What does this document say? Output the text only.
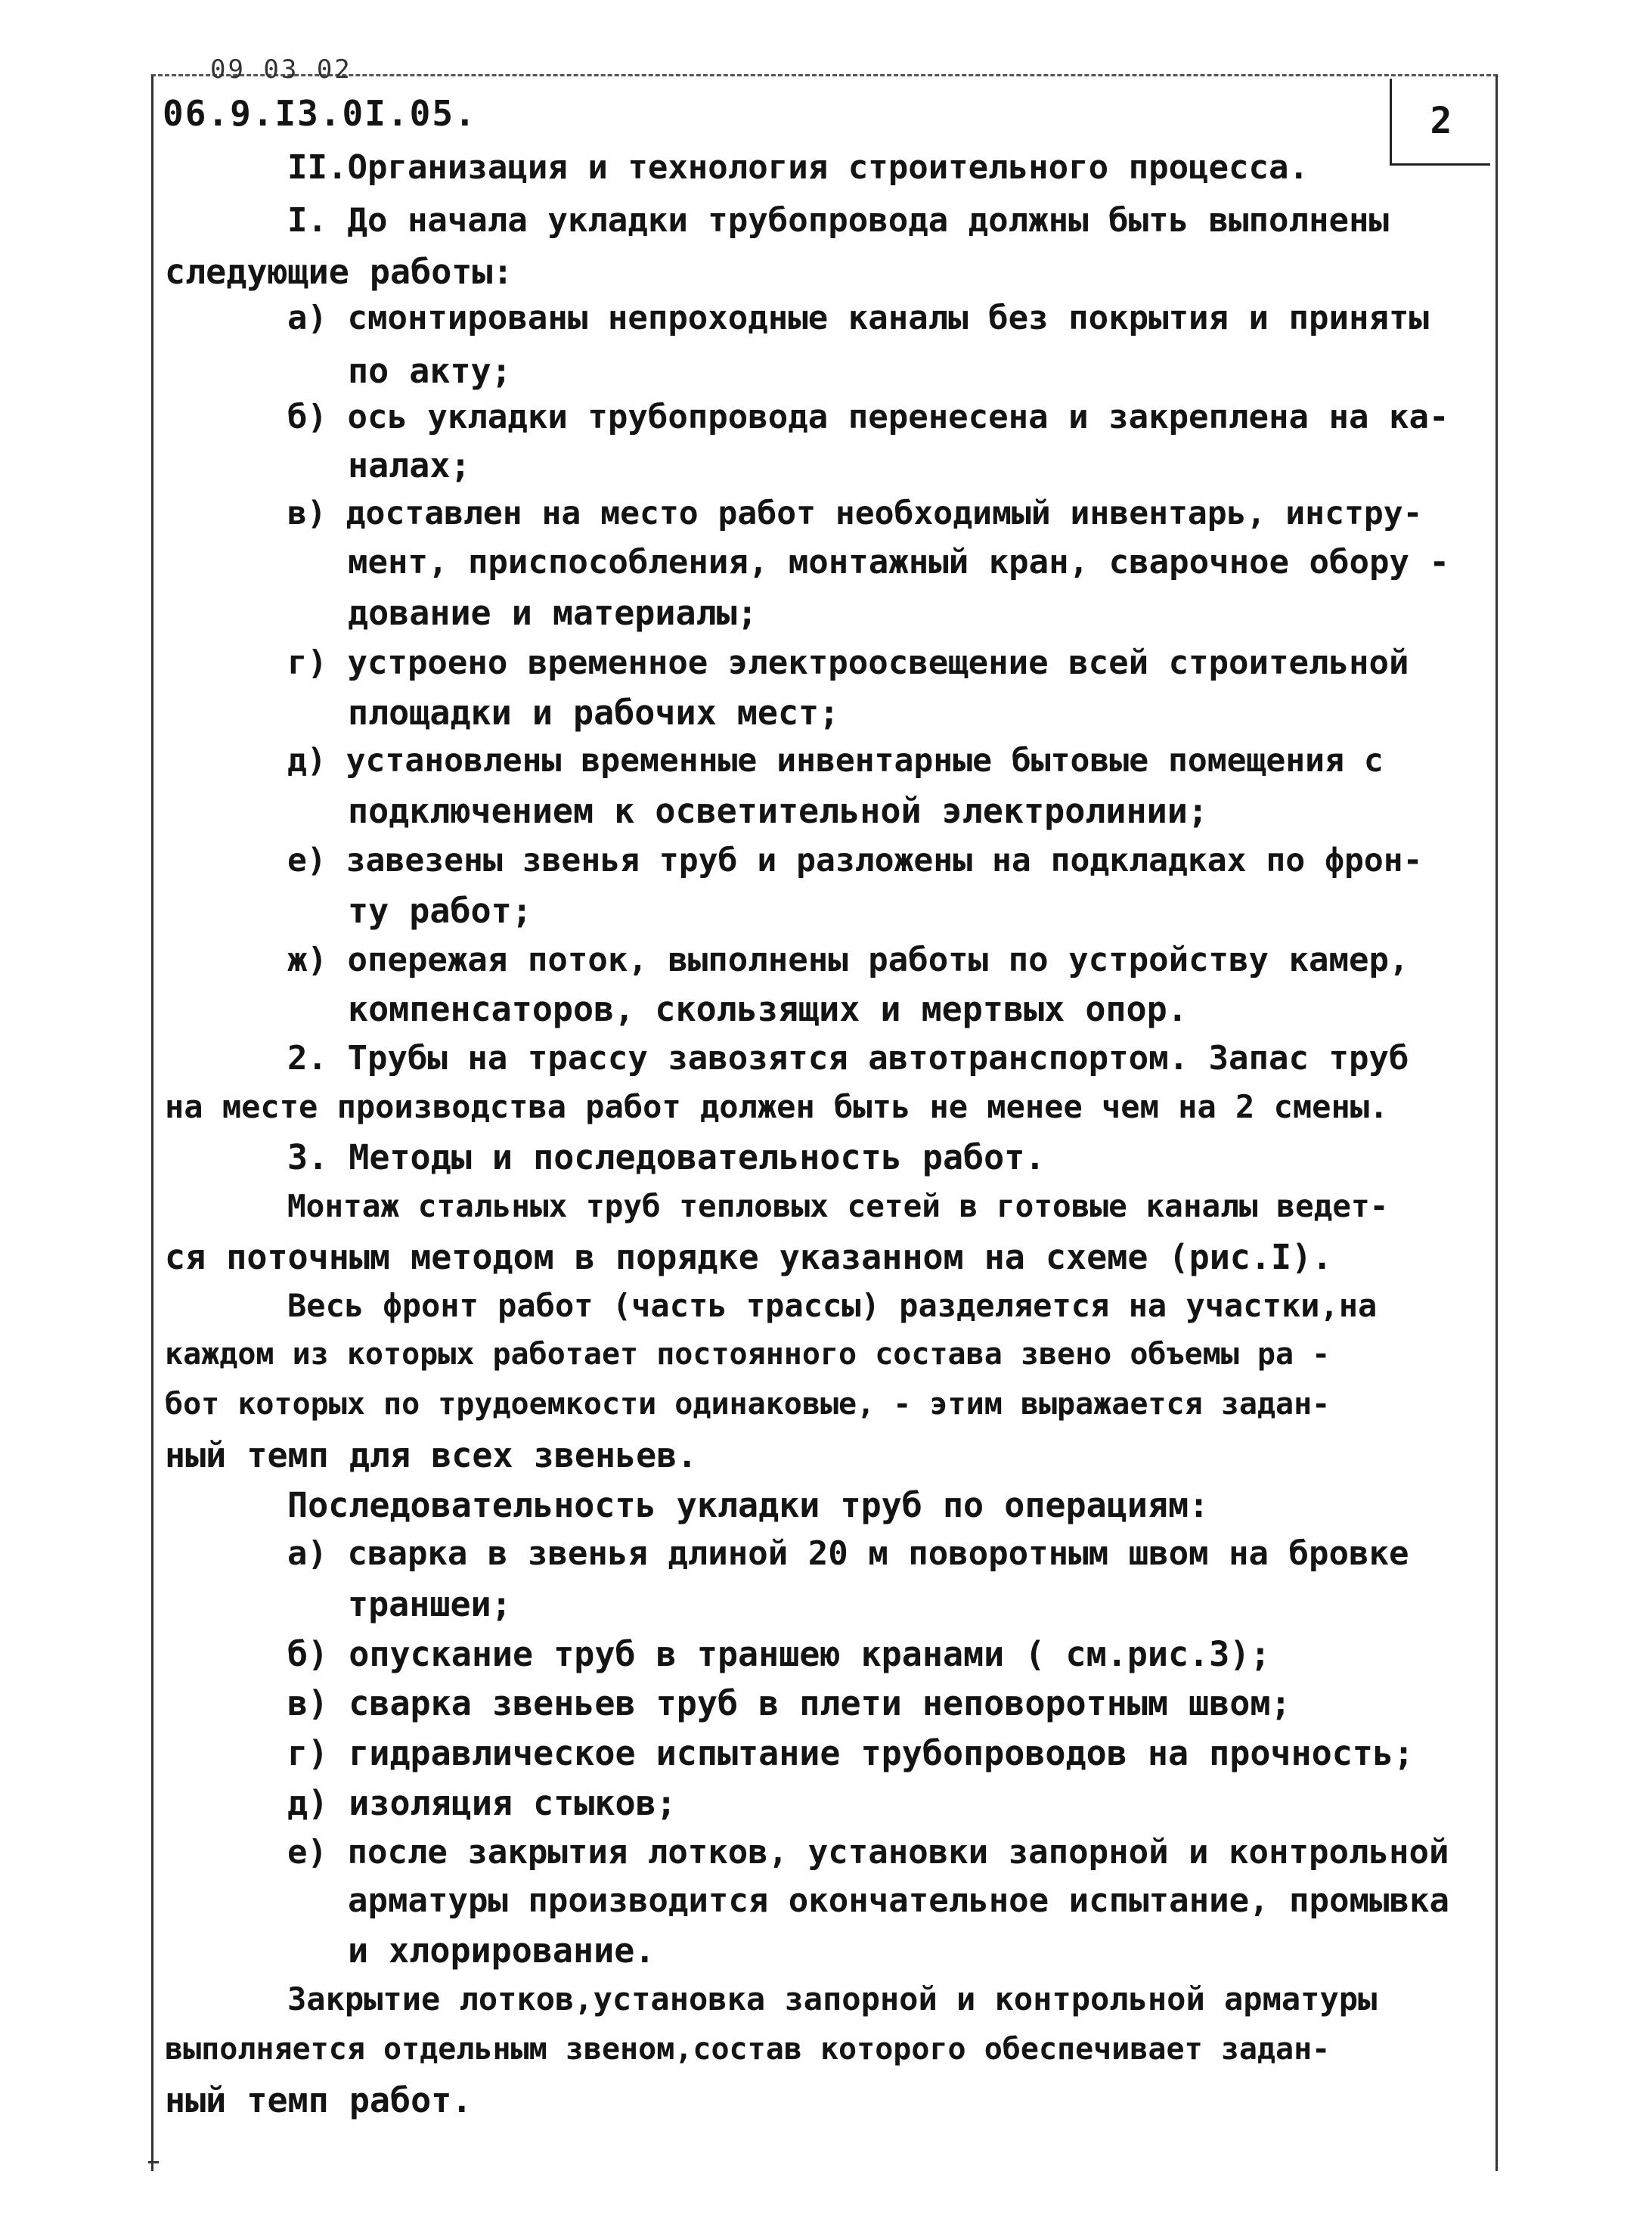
09 03 02
06.9.I3.0I.05.	2
II.Организация и технология строительного процесса.
I. До начала укладки трубопровода должны быть выполнены
следующие работы:
а) смонтированы непроходные каналы без покрытия и приняты
по акту;
б) ось укладки трубопровода перенесена и закреплена на ка-
налах;
в) доставлен на место работ необходимый инвентарь, инстру-
мент, приспособления, монтажный кран, сварочное обору -
дование и материалы;
г) устроено временное электроосвещение всей строительной
площадки и рабочих мест;
д) установлены временные инвентарные бытовые помещения с
подключением к осветительной электролинии;
е) завезены звенья труб и разложены на подкладках по фрон-
ту работ;
ж) опережая поток, выполнены работы по устройству камер,
компенсаторов, скользящих и мертвых опор.
2. Трубы на трассу завозятся автотранспортом. Запас труб
на месте производства работ должен быть не менее чем на 2 смены.
3. Методы и последовательность работ.
Монтаж стальных труб тепловых сетей в готовые каналы ведет-
ся поточным методом в порядке указанном на схеме (рис.I).
Весь фронт работ (часть трассы) разделяется на участки,на
каждом из которых работает постоянного состава звено объемы ра -
бот которых по трудоемкости одинаковые, - этим выражается задан-
ный темп для всех звеньев.
Последовательность укладки труб по операциям:
а) сварка в звенья длиной 20 м поворотным швом на бровке
траншеи;
б) опускание труб в траншею кранами ( см.рис.3);
в) сварка звеньев труб в плети неповоротным швом;
г) гидравлическое испытание трубопроводов на прочность;
д) изоляция стыков;
е) после закрытия лотков, установки запорной и контрольной
арматуры производится окончательное испытание, промывка
и хлорирование.
Закрытие лотков,установка запорной и контрольной арматуры
выполняется отдельным звеном,состав которого обеспечивает задан-
ный темп работ.
